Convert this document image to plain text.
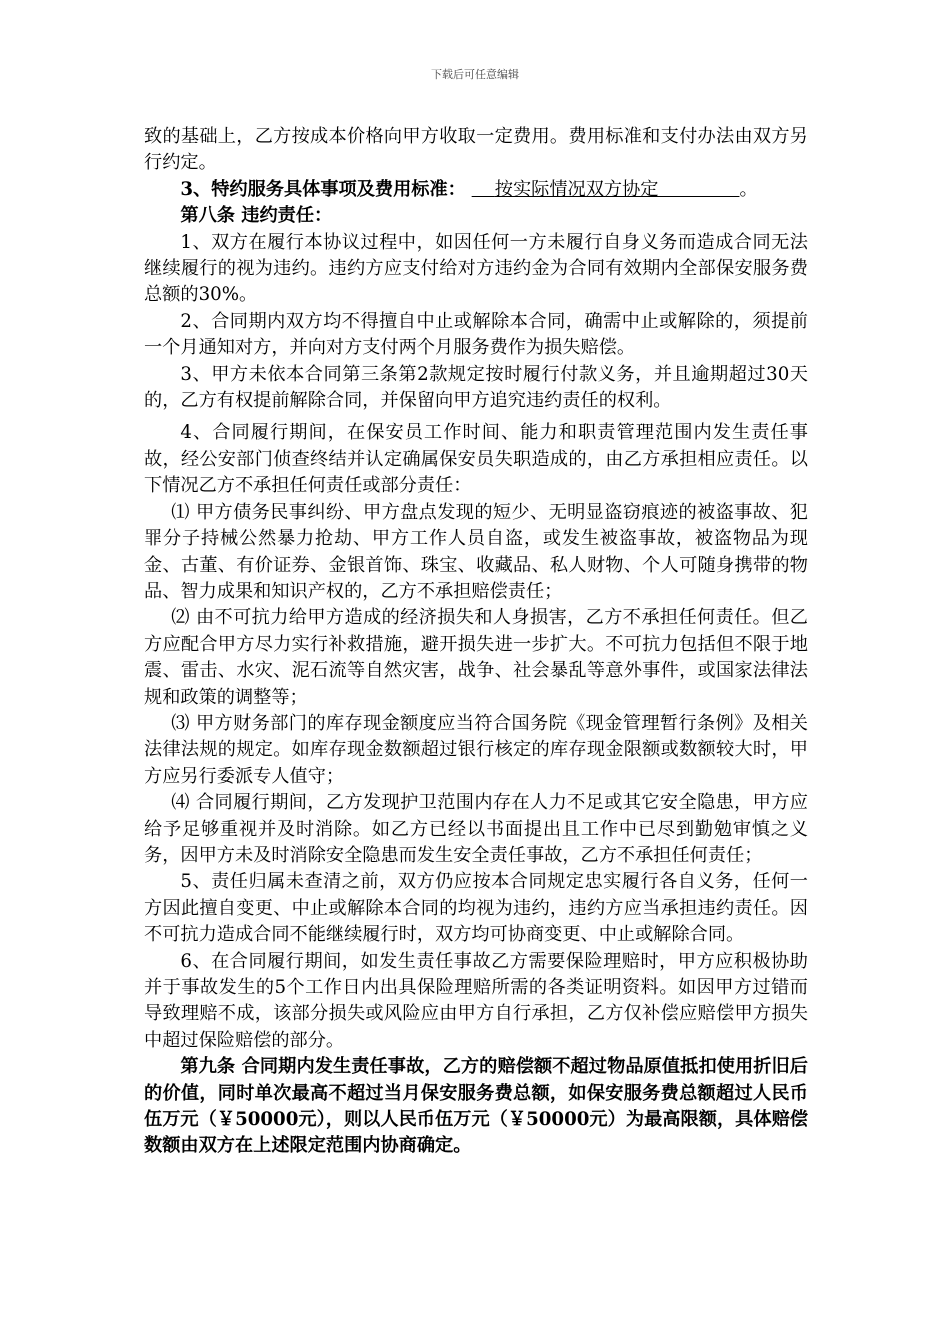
下载后可任意编辑

致的基础上，乙方按成本价格向甲方收取一定费用。费用标准和支付办法由双方另行约定。

3、特约服务具体事项及费用标准： 按实际情况双方协定	。

第八条 违约责任：

1、双方在履行本协议过程中，如因任何一方未履行自身义务而造成合同无法继续履行的视为违约。违约方应支付给对方违约金为合同有效期内全部保安服务费总额的30%。

2、合同期内双方均不得擅自中止或解除本合同，确需中止或解除的，须提前一个月通知对方，并向对方支付两个月服务费作为损失赔偿。

3、甲方未依本合同第三条第2款规定按时履行付款义务，并且逾期超过30天的，乙方有权提前解除合同，并保留向甲方追究违约责任的权利。

4、合同履行期间，在保安员工作时间、能力和职责管理范围内发生责任事故，经公安部门侦查终结并认定确属保安员失职造成的，由乙方承担相应责任。以下情况乙方不承担任何责任或部分责任：

⑴ 甲方债务民事纠纷、甲方盘点发现的短少、无明显盗窃痕迹的被盗事故、犯罪分子持械公然暴力抢劫、甲方工作人员自盗，或发生被盗事故，被盗物品为现金、古董、有价证券、金银首饰、珠宝、收藏品、私人财物、个人可随身携带的物品、智力成果和知识产权的，乙方不承担赔偿责任；

⑵ 由不可抗力给甲方造成的经济损失和人身损害，乙方不承担任何责任。但乙方应配合甲方尽力实行补救措施，避开损失进一步扩大。不可抗力包括但不限于地震、雷击、水灾、泥石流等自然灾害，战争、社会暴乱等意外事件，或国家法律法规和政策的调整等；

⑶ 甲方财务部门的库存现金额度应当符合国务院《现金管理暂行条例》及相关法律法规的规定。如库存现金数额超过银行核定的库存现金限额或数额较大时，甲方应另行委派专人值守；

⑷ 合同履行期间，乙方发现护卫范围内存在人力不足或其它安全隐患，甲方应给予足够重视并及时消除。如乙方已经以书面提出且工作中已尽到勤勉审慎之义务，因甲方未及时消除安全隐患而发生安全责任事故，乙方不承担任何责任；

5、责任归属未查清之前，双方仍应按本合同规定忠实履行各自义务，任何一方因此擅自变更、中止或解除本合同的均视为违约，违约方应当承担违约责任。因不可抗力造成合同不能继续履行时，双方均可协商变更、中止或解除合同。

6、在合同履行期间，如发生责任事故乙方需要保险理赔时，甲方应积极协助并于事故发生的5个工作日内出具保险理赔所需的各类证明资料。如因甲方过错而导致理赔不成，该部分损失或风险应由甲方自行承担，乙方仅补偿应赔偿甲方损失中超过保险赔偿的部分。

第九条 合同期内发生责任事故，乙方的赔偿额不超过物品原值抵扣使用折旧后的价值，同时单次最高不超过当月保安服务费总额，如保安服务费总额超过人民币伍万元（￥50000元），则以人民币伍万元（￥50000元）为最高限额，具体赔偿数额由双方在上述限定范围内协商确定。
